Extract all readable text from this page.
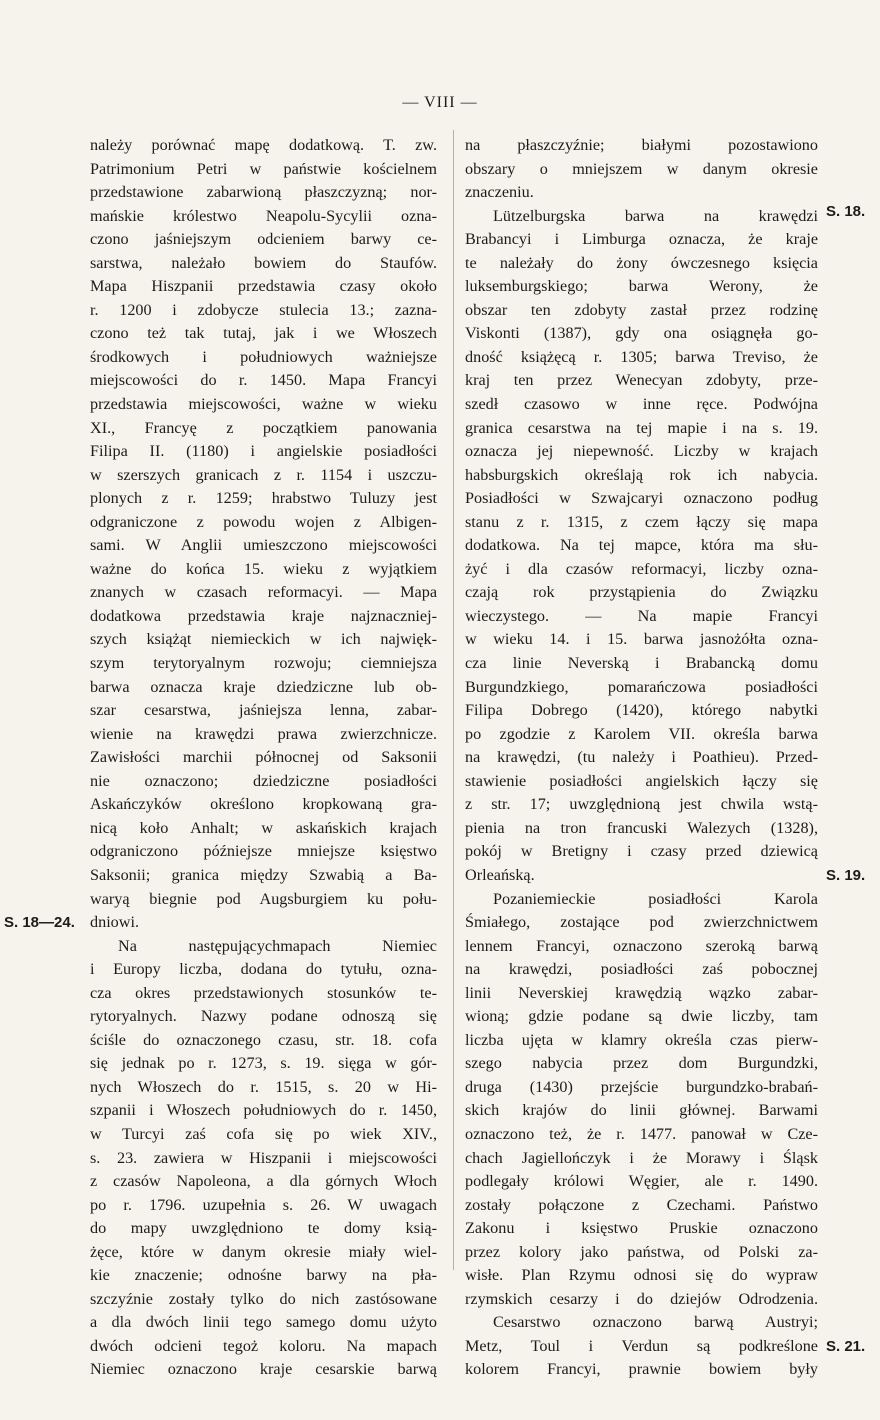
— VIII —
należy porównać mapę dodatkową. T. zw.
Patrimonium Petri w państwie kościelnem
przedstawione zabarwioną płaszczyzną; nor-
mańskie królestwo Neapolu-Sycylii ozna-
czono jaśniejszym odcieniem barwy ce-
sarstwa, należało bowiem do Staufów.
Mapa Hiszpanii przedstawia czasy około
r. 1200 i zdobycze stulecia 13.; zazna-
czono też tak tutaj, jak i we Włoszech
środkowych i południowych ważniejsze
miejscowości do r. 1450. Mapa Francyi
przedstawia miejscowości, ważne w wieku
XI., Francyę z początkiem panowania
Filipa II. (1180) i angielskie posiadłości
w szerszych granicach z r. 1154 i uszczu-
plonych z r. 1259; hrabstwo Tuluzy jest
odgraniczone z powodu wojen z Albigen-
sami. W Anglii umieszczono miejscowości
ważne do końca 15. wieku z wyjątkiem
znanych w czasach reformacyi. — Mapa
dodatkowa przedstawia kraje najznaczniej-
szych książąt niemieckich w ich najwięk-
szym terytoryalnym rozwoju; ciemniejsza
barwa oznacza kraje dziedziczne lub ob-
szar cesarstwa, jaśniejsza lenna, zabar-
wienie na krawędzi prawa zwierzchnicze.
Zawisłości marchii północnej od Saksonii
nie oznaczono; dziedziczne posiadłości
Askańczyków określono kropkowaną gra-
nicą koło Anhalt; w askańskich krajach
odgraniczono późniejsze mniejsze księstwo
Saksonii; granica między Szwabią a Ba-
waryą biegnie pod Augsburgiem ku połu-
dniowi.
Na następującychmapach Niemiec
i Europy liczba, dodana do tytułu, ozna-
cza okres przedstawionych stosunków te-
rytoryalnych. Nazwy podane odnoszą się
ściśle do oznaczonego czasu, str. 18. cofa
się jednak po r. 1273, s. 19. sięga w gór-
nych Włoszech do r. 1515, s. 20 w Hi-
szpanii i Włoszech południowych do r. 1450,
w Turcyi zaś cofa się po wiek XIV.,
s. 23. zawiera w Hiszpanii i miejscowości
z czasów Napoleona, a dla górnych Włoch
po r. 1796. uzupełnia s. 26. W uwagach
do mapy uwzględniono te domy ksią-
żęce, które w danym okresie miały wiel-
kie znaczenie; odnośne barwy na pła-
szczyźnie zostały tylko do nich zastósowane
a dla dwóch linii tego samego domu użyto
dwóch odcieni tegoż koloru. Na mapach
Niemiec oznaczono kraje cesarskie barwą
na płaszczyźnie; białymi pozostawiono
obszary o mniejszem w danym okresie
znaczeniu.
Lützelburgska barwa na krawędzi
Brabancyi i Limburga oznacza, że kraje
te należały do żony ówczesnego księcia
luksemburgskiego; barwa Werony, że
obszar ten zdobyty zastał przez rodzinę
Viskonti (1387), gdy ona osiągnęła go-
dność książęcą r. 1305; barwa Treviso, że
kraj ten przez Wenecyan zdobyty, prze-
szedł czasowo w inne ręce. Podwójna
granica cesarstwa na tej mapie i na s. 19.
oznacza jej niepewność. Liczby w krajach
habsburgskich określają rok ich nabycia.
Posiadłości w Szwajcaryi oznaczono podług
stanu z r. 1315, z czem łączy się mapa
dodatkowa. Na tej mapce, która ma słu-
żyć i dla czasów reformacyi, liczby ozna-
czają rok przystąpienia do Związku
wieczystego. — Na mapie Francyi
w wieku 14. i 15. barwa jasnożółta ozna-
cza linie Neverską i Brabancką domu
Burgundzkiego, pomarańczowa posiadłości
Filipa Dobrego (1420), którego nabytki
po zgodzie z Karolem VII. określa barwa
na krawędzi, (tu należy i Poathieu). Przed-
stawienie posiadłości angielskich łączy się
z str. 17; uwzględnioną jest chwila wstą-
pienia na tron francuski Walezych (1328),
pokój w Bretigny i czasy przed dziewicą
Orleańską.
Pozaniemieckie posiadłości Karola
Śmiałego, zostające pod zwierzchnictwem
lennem Francyi, oznaczono szeroką barwą
na krawędzi, posiadłości zaś pobocznej
linii Neverskiej krawędzią wązko zabar-
wioną; gdzie podane są dwie liczby, tam
liczba ujęta w klamry określa czas pierw-
szego nabycia przez dom Burgundzki,
druga (1430) przejście burgundzko-brabań-
skich krajów do linii głównej. Barwami
oznaczono też, że r. 1477. panował w Cze-
chach Jagiellończyk i że Morawy i Śląsk
podlegały królowi Węgier, ale r. 1490.
zostały połączone z Czechami. Państwo
Zakonu i księstwo Pruskie oznaczono
przez kolory jako państwa, od Polski za-
wisłe. Plan Rzymu odnosi się do wypraw
rzymskich cesarzy i do dziejów Odrodzenia.
Cesarstwo oznaczono barwą Austryi;
Metz, Toul i Verdun są podkreślone
kolorem Francyi, prawnie bowiem były
S. 18—24.
S. 18.
S. 19.
S. 21.
